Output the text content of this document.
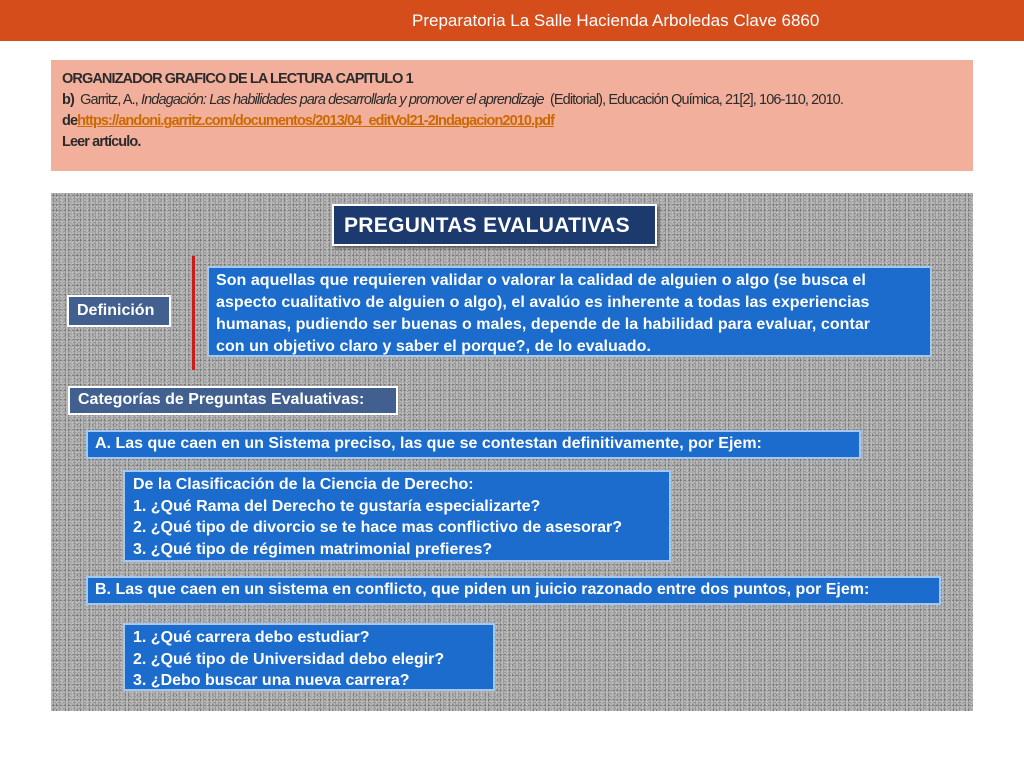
Preparatoria La Salle Hacienda Arboledas Clave 6860

ORGANIZADOR GRAFICO DE LA LECTURA CAPITULO 1

b) Garritz, A., Indagación: Las habilidades para desarrollarla y promover el aprendizaje (Editorial), Educación Química, 21[2], 106-110, 2010.

dehttps://andoni.garritz.com/documentos/2013/04_editVol21-2Indagacion2010.pdf

Leer artículo.

PREGUNTAS EVALUATIVAS
Definición
Son aquellas que requieren validar o valorar la calidad de alguien o algo (se busca el
aspecto cualitativo de alguien o algo), el avalúo es inherente a todas las experiencias
humanas, pudiendo ser buenas o males, depende de la habilidad para evaluar, contar
con un objetivo claro y saber el porque?, de lo evaluado.
Categorías de Preguntas Evaluativas:
A. Las que caen en un Sistema preciso, las que se contestan definitivamente, por Ejem:
De la Clasificación de la Ciencia de Derecho:
1. ¿Qué Rama del Derecho te gustaría especializarte?
2. ¿Qué tipo de divorcio se te hace mas conflictivo de asesorar?
3. ¿Qué tipo de régimen matrimonial prefieres?
B. Las que caen en un sistema en conflicto, que piden un juicio razonado entre dos puntos, por Ejem:
1. ¿Qué carrera debo estudiar?
2. ¿Qué tipo de Universidad debo elegir?
3. ¿Debo buscar una nueva carrera?
